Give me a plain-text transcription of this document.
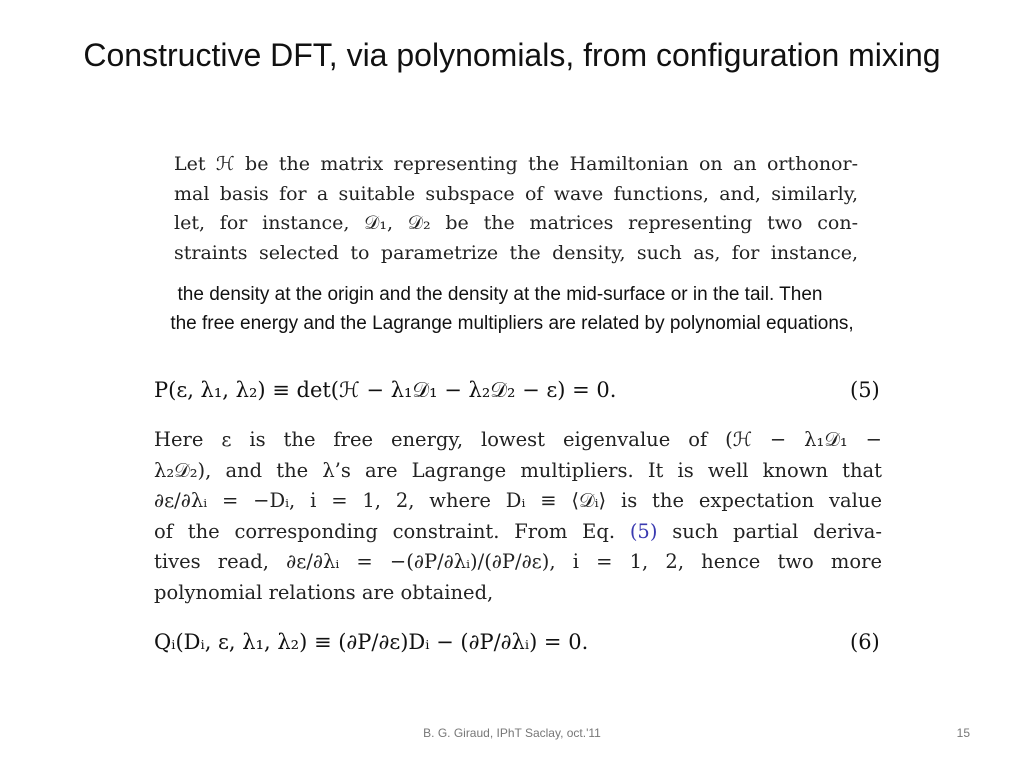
Constructive DFT, via polynomials, from configuration mixing
Let ℋ be the matrix representing the Hamiltonian on an orthonor-
mal basis for a suitable subspace of wave functions, and, similarly,
let, for instance, 𝒟₁, 𝒟₂ be the matrices representing two con-
straints selected to parametrize the density, such as, for instance,
the density at the origin and the density at the mid-surface or in the tail. Then
the free energy and the Lagrange multipliers are related by polynomial equations,
P(ε, λ₁, λ₂) ≡ det(ℋ − λ₁𝒟₁ − λ₂𝒟₂ − ε) = 0.	(5)
Here ε is the free energy, lowest eigenvalue of (ℋ − λ₁𝒟₁ −
λ₂𝒟₂), and the λ’s are Lagrange multipliers. It is well known that
∂ε/∂λᵢ = −Dᵢ, i = 1, 2, where Dᵢ ≡ ⟨𝒟ᵢ⟩ is the expectation value
of the corresponding constraint. From Eq. (5) such partial deriva-
tives read, ∂ε/∂λᵢ = −(∂P/∂λᵢ)/(∂P/∂ε), i = 1, 2, hence two more
polynomial relations are obtained,
Qᵢ(Dᵢ, ε, λ₁, λ₂) ≡ (∂P/∂ε)Dᵢ − (∂P/∂λᵢ) = 0.	(6)
B. G. Giraud, IPhT Saclay, oct.'11	15
